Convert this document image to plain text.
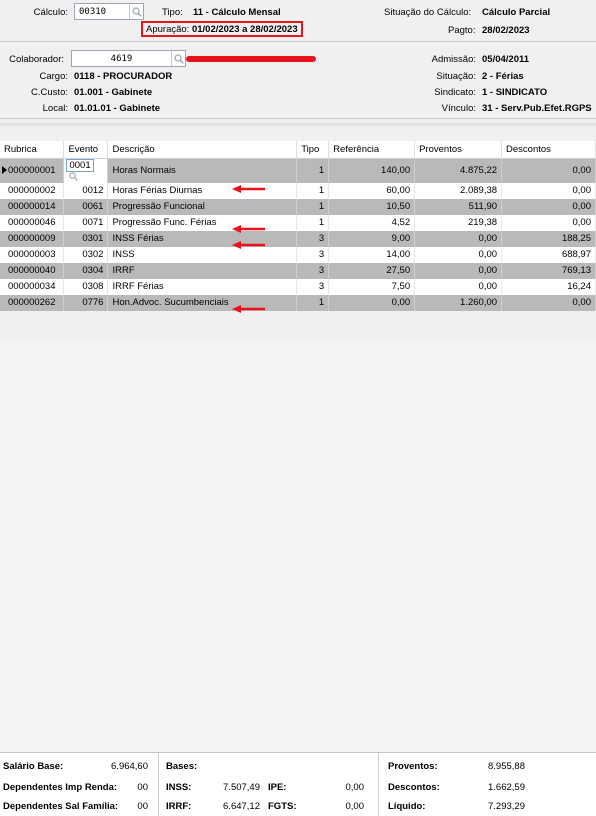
Cálculo: 00310	Tipo: 11 - Cálculo Mensal
Apuração:
01/02/2023 a 28/02/2023
Situação do Cálculo: Cálculo Parcial
Pagto: 28/02/2023
Colaborador:	4619
Cargo: 0118 - PROCURADOR
C.Custo: 01.001 - Gabinete
Local: 01.01.01 - Gabinete
Admissão: 05/04/2011
Situação: 2 - Férias
Sindicato: 1 - SINDICATO
Vínculo: 31 - Serv.Pub.Efet.RGPS
Rubrica	Evento	Descrição	Tipo	Referência	Proventos	Descontos
000000001	0001	Horas Normais	1	140,00	4.875,22	0,00
000000002	0012	Horas Férias Diurnas	1	60,00	2.089,38	0,00
000000014	0061	Progressão Funcional	1	10,50	511,90	0,00
000000046	0071	Progressão Func. Férias	1	4,52	219,38	0,00
000000009	0301	INSS Férias	3	9,00	0,00	188,25
000000003	0302	INSS	3	14,00	0,00	688,97
000000040	0304	IRRF	3	27,50	0,00	769,13
000000034	0308	IRRF Férias	3	7,50	0,00	16,24
000000262	0776	Hon.Advoc. Sucumbenciais	1	0,00	1.260,00	0,00
Salário Base:	6.964,60
Dependentes Imp Renda:	00
Dependentes Sal Família:	00
Bases:
INSS:	7.507,49
IRRF:	6.647,12
IPE:	0,00
FGTS:	0,00
Proventos:	8.955,88
Descontos:	1.662,59
Líquido:	7.293,29
